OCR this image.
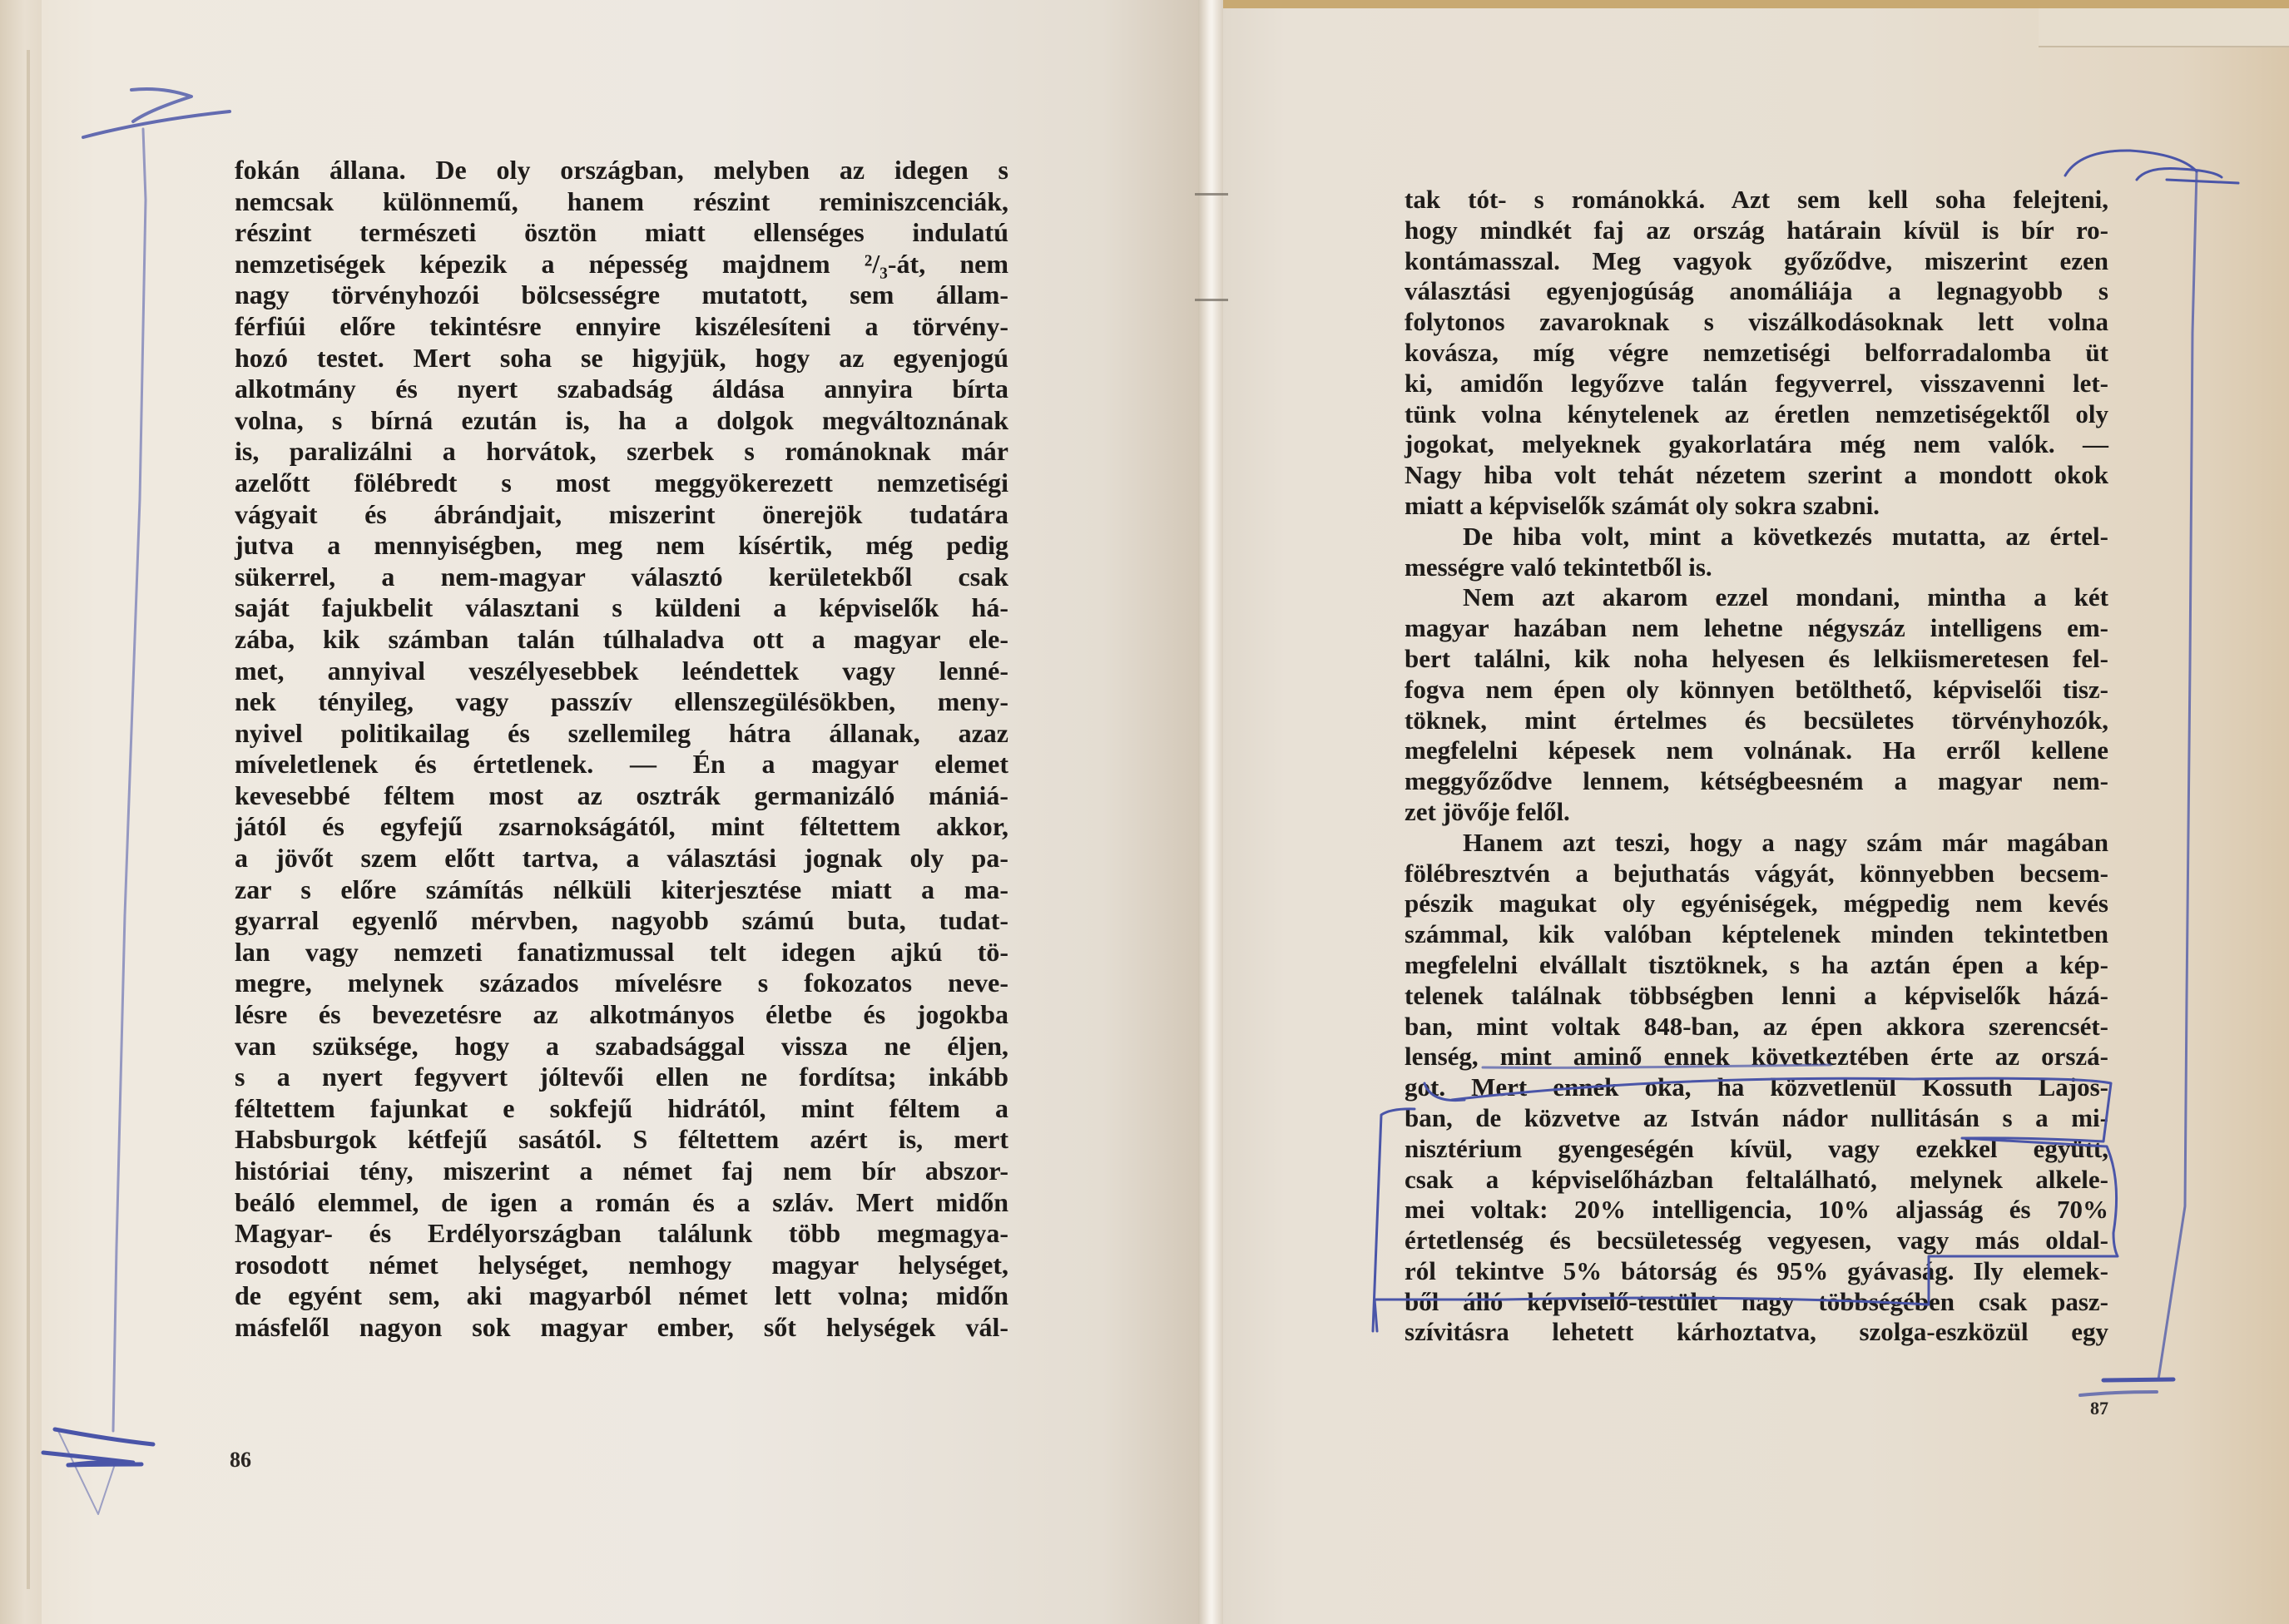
fokán állana. De oly országban, melyben az idegen s
nemcsak különnemű, hanem részint reminiszcenciák,
részint természeti ösztön miatt ellenséges indulatú
nemzetiségek képezik a népesség majdnem ²/₃-át, nem
nagy törvényhozói bölcsességre mutatott, sem állam-
férfiúi előre tekintésre ennyire kiszélesíteni a törvény-
hozó testet. Mert soha se higyjük, hogy az egyenjogú
alkotmány és nyert szabadság áldása annyira bírta
volna, s bírná ezután is, ha a dolgok megváltoznának
is, paralizálni a horvátok, szerbek s románoknak már
azelőtt fölébredt s most meggyökerezett nemzetiségi
vágyait és ábrándjait, miszerint önerejök tudatára
jutva a mennyiségben, meg nem kísértik, még pedig
sükerrel, a nem-magyar választó kerületekből csak
saját fajukbelit választani s küldeni a képviselők há-
zába, kik számban talán túlhaladva ott a magyar ele-
met, annyival veszélyesebbek leéndettek vagy lenné-
nek tényileg, vagy passzív ellenszegülésökben, meny-
nyivel politikailag és szellemileg hátra állanak, azaz
míveletlenek és értetlenek. — Én a magyar elemet
kevesebbé féltem most az osztrák germanizáló mániá-
jától és egyfejű zsarnokságától, mint féltettem akkor,
a jövőt szem előtt tartva, a választási jognak oly pa-
zar s előre számítás nélküli kiterjesztése miatt a ma-
gyarral egyenlő mérvben, nagyobb számú buta, tudat-
lan vagy nemzeti fanatizmussal telt idegen ajkú tö-
megre, melynek százados mívelésre s fokozatos neve-
lésre és bevezetésre az alkotmányos életbe és jogokba
van szüksége, hogy a szabadsággal vissza ne éljen,
s a nyert fegyvert jóltevői ellen ne fordítsa; inkább
féltettem fajunkat e sokfejű hidrától, mint féltem a
Habsburgok kétfejű sasától. S féltettem azért is, mert
históriai tény, miszerint a német faj nem bír abszor-
beáló elemmel, de igen a román és a szláv. Mert midőn
Magyar- és Erdélyországban találunk több megmagya-
rosodott német helységet, nemhogy magyar helységet,
de egyént sem, aki magyarból német lett volna; midőn
másfelől nagyon sok magyar ember, sőt helységek vál-
86
tak tót- s románokká. Azt sem kell soha felejteni,
hogy mindkét faj az ország határain kívül is bír ro-
kontámasszal. Meg vagyok győződve, miszerint ezen
választási egyenjogúság anomáliája a legnagyobb s
folytonos zavaroknak s viszálkodásoknak lett volna
kovásza, míg végre nemzetiségi belforradalomba üt
ki, amidőn legyőzve talán fegyverrel, visszavenni let-
tünk volna kénytelenek az éretlen nemzetiségektől oly
jogokat, melyeknek gyakorlatára még nem valók. —
Nagy hiba volt tehát nézetem szerint a mondott okok
miatt a képviselők számát oly sokra szabni.
De hiba volt, mint a következés mutatta, az értel-
mességre való tekintetből is.
Nem azt akarom ezzel mondani, mintha a két
magyar hazában nem lehetne négyszáz intelligens em-
bert találni, kik noha helyesen és lelkiismeretesen fel-
fogva nem épen oly könnyen betölthető, képviselői tisz-
töknek, mint értelmes és becsületes törvényhozók,
megfelelni képesek nem volnának. Ha erről kellene
meggyőződve lennem, kétségbeesném a magyar nem-
zet jövője felől.
Hanem azt teszi, hogy a nagy szám már magában
fölébresztvén a bejuthatás vágyát, könnyebben becsem-
pészik magukat oly egyéniségek, mégpedig nem kevés
számmal, kik valóban képtelenek minden tekintetben
megfelelni elvállalt tisztöknek, s ha aztán épen a kép-
telenek találnak többségben lenni a képviselők házá-
ban, mint voltak 848-ban, az épen akkora szerencsét-
lenség, mint aminő ennek következtében érte az orszá-
got. Mert ennek oka, ha közvetlenül Kossuth Lajos-
ban, de közvetve az István nádor nullitásán s a mi-
nisztérium gyengeségén kívül, vagy ezekkel együtt,
csak a képviselőházban feltalálható, melynek alkele-
mei voltak: 20% intelligencia, 10% aljasság és 70%
értetlenség és becsületesség vegyesen, vagy más oldal-
ról tekintve 5% bátorság és 95% gyávaság. Ily elemek-
ből álló képviselő-testület nagy többségében csak pasz-
szívitásra lehetett kárhoztatva, szolga-eszközül egy
87
